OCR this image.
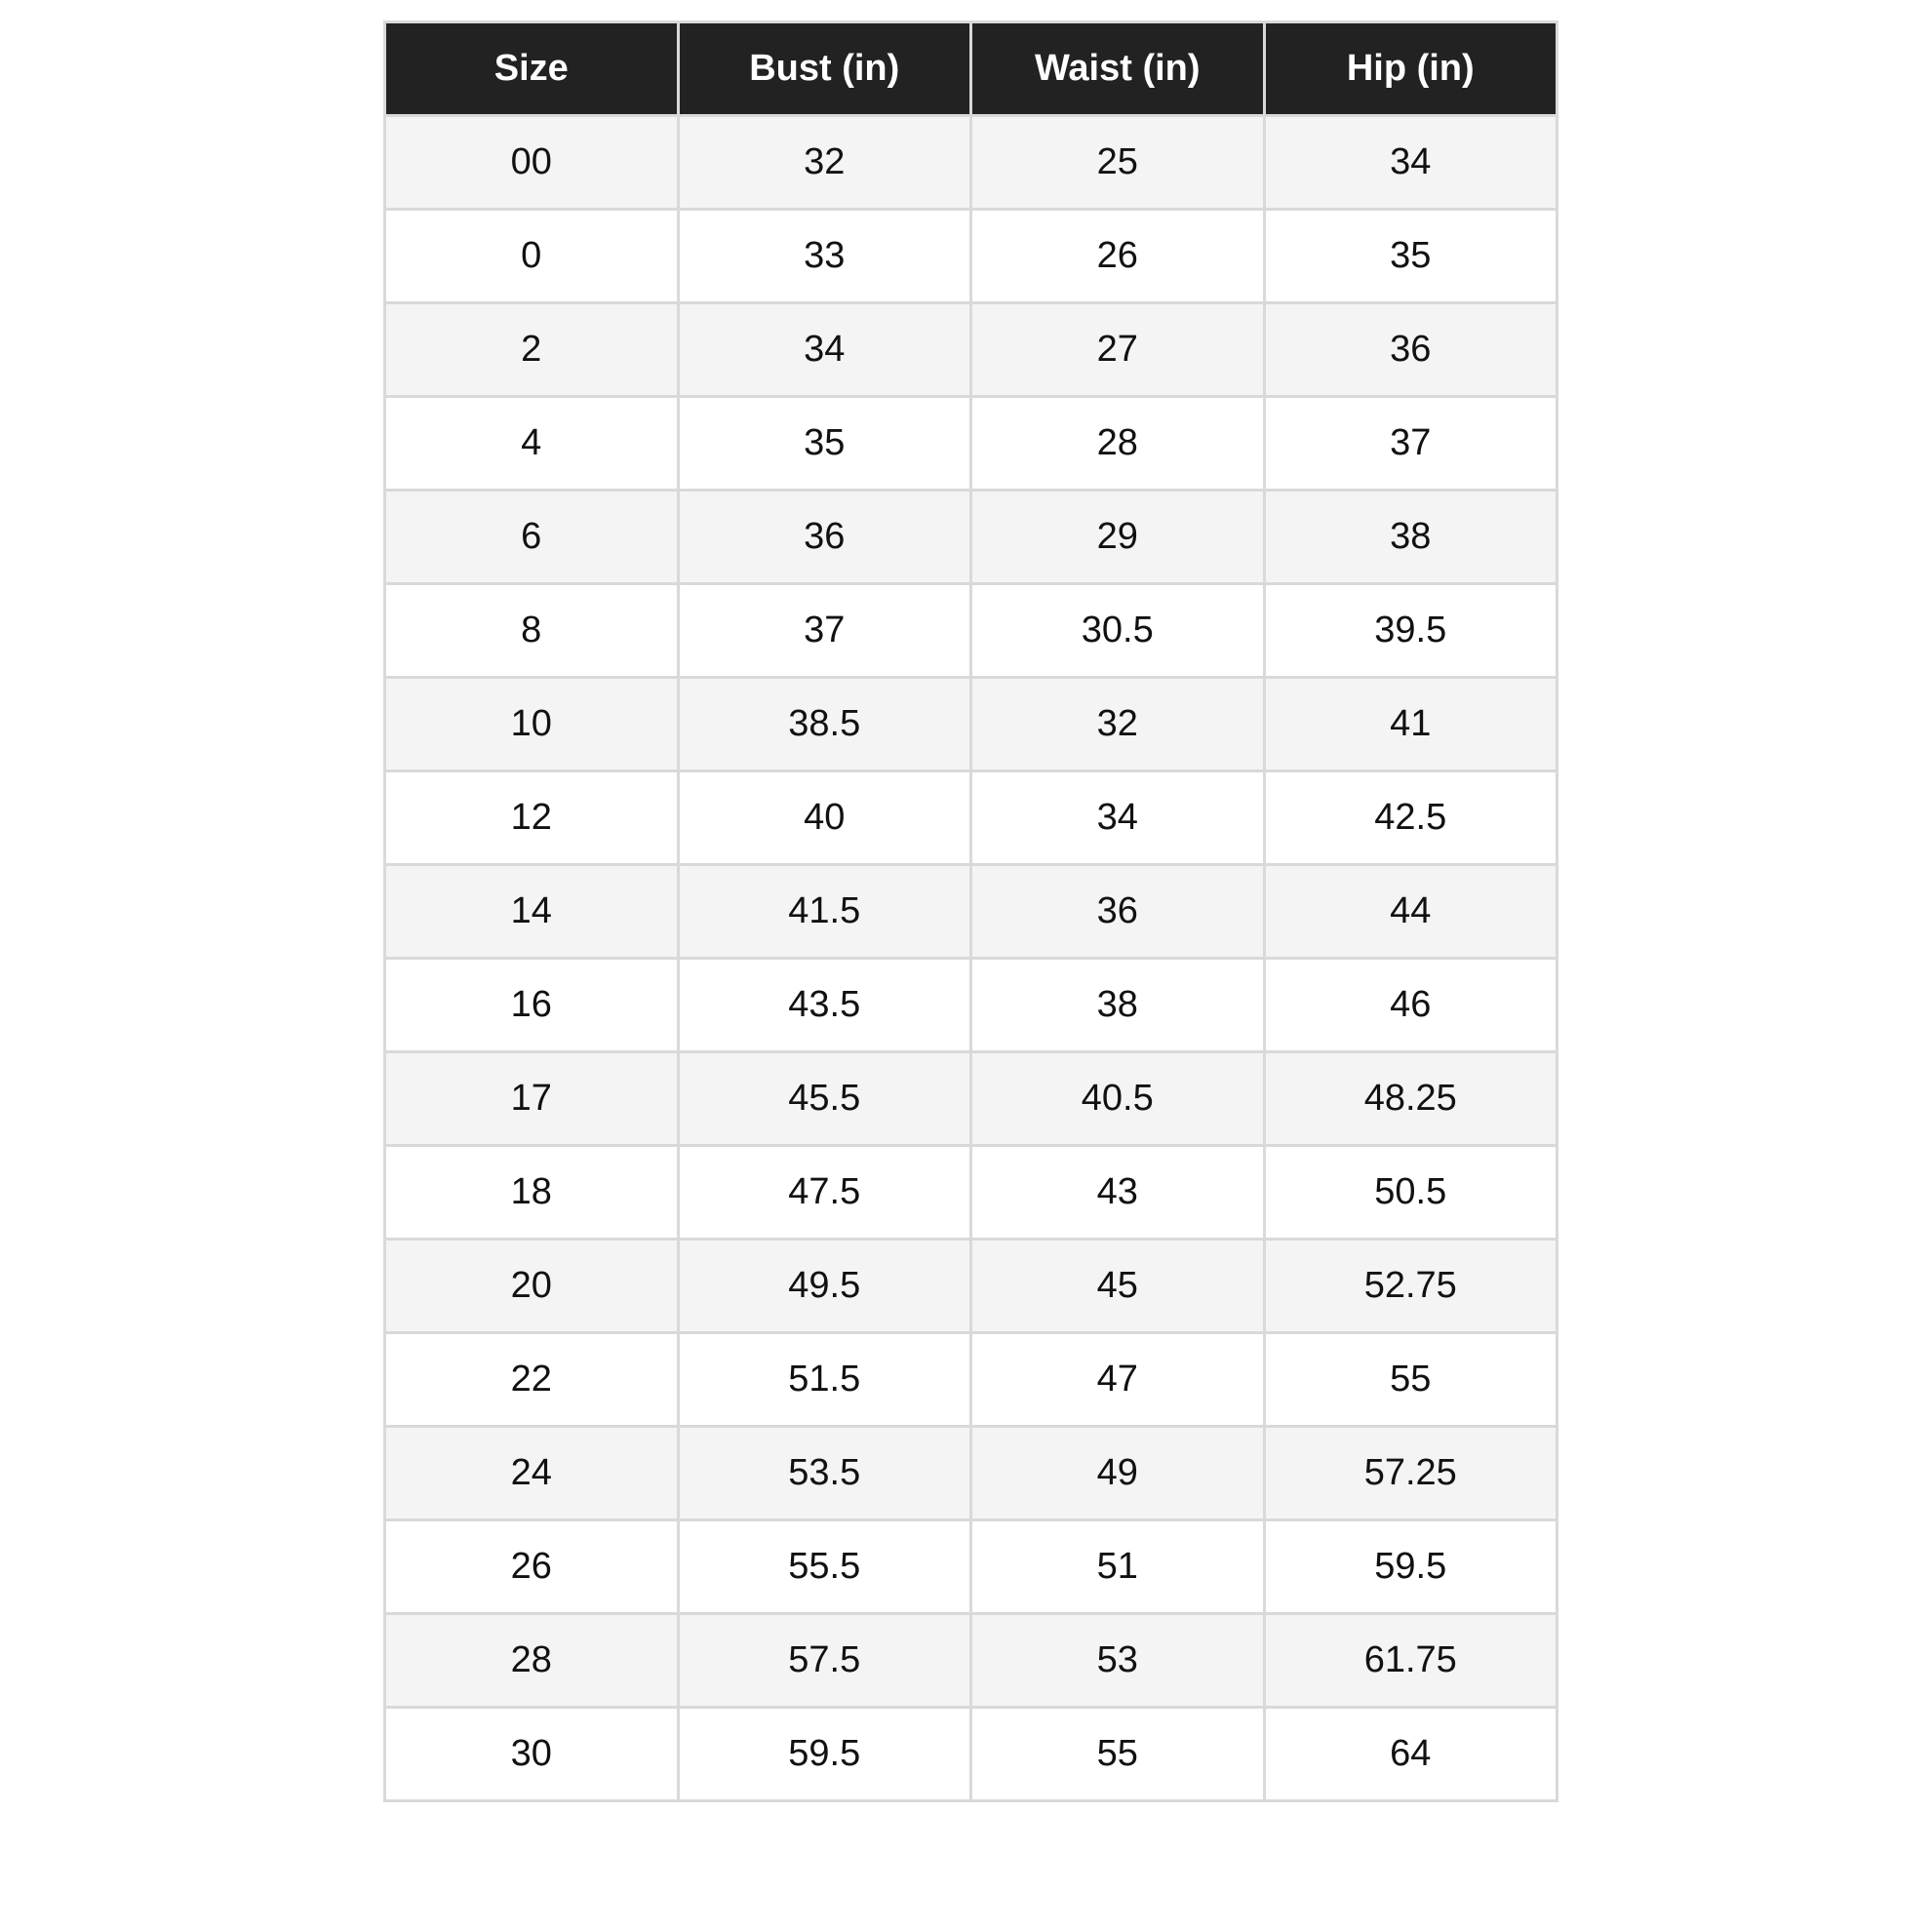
Size	Bust (in)	Waist (in)	Hip (in)
00	32	25	34
0	33	26	35
2	34	27	36
4	35	28	37
6	36	29	38
8	37	30.5	39.5
10	38.5	32	41
12	40	34	42.5
14	41.5	36	44
16	43.5	38	46
17	45.5	40.5	48.25
18	47.5	43	50.5
20	49.5	45	52.75
22	51.5	47	55
24	53.5	49	57.25
26	55.5	51	59.5
28	57.5	53	61.75
30	59.5	55	64
